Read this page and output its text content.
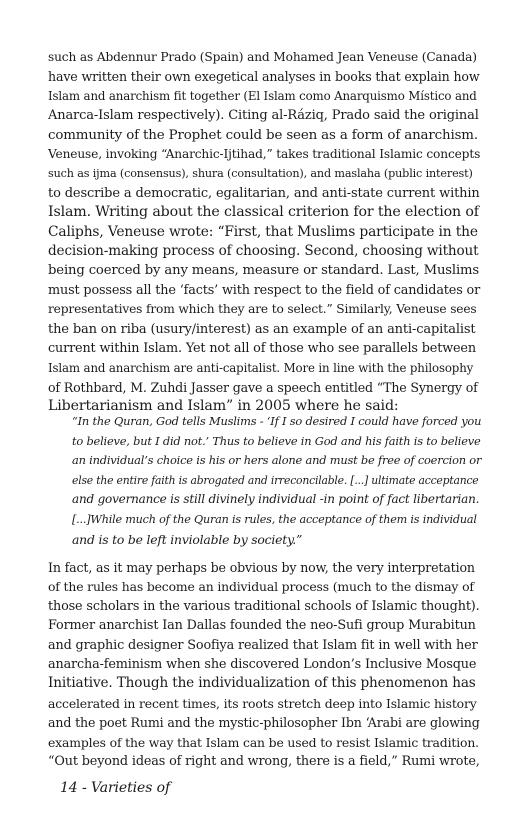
such as Abdennur Prado (Spain) and Mohamed Jean Veneuse (Canada)
have written their own exegetical analyses in books that explain how
Islam and anarchism fit together (El Islam como Anarquismo Místico and
Anarca-Islam respectively). Citing al-Ráziq, Prado said the original
community of the Prophet could be seen as a form of anarchism.
Veneuse, invoking “Anarchic-Ijtihad,” takes traditional Islamic concepts
such as ijma (consensus), shura (consultation), and maslaha (public interest)
to describe a democratic, egalitarian, and anti-state current within
Islam. Writing about the classical criterion for the election of
Caliphs, Veneuse wrote: “First, that Muslims participate in the
decision-making process of choosing. Second, choosing without
being coerced by any means, measure or standard. Last, Muslims
must possess all the ‘facts’ with respect to the field of candidates or
representatives from which they are to select.” Similarly, Veneuse sees
the ban on riba (usury/interest) as an example of an anti-capitalist
current within Islam. Yet not all of those who see parallels between
Islam and anarchism are anti-capitalist. More in line with the philosophy
of Rothbard, M. Zuhdi Jasser gave a speech entitled “The Synergy of
Libertarianism and Islam” in 2005 where he said:
“In the Quran, God tells Muslims - ‘If I so desired I could have forced you
to believe, but I did not.’ Thus to believe in God and his faith is to believe
an individual’s choice is his or hers alone and must be free of coercion or
else the entire faith is abrogated and irreconcilable. [...] ultimate acceptance
and governance is still divinely individual -in point of fact libertarian.
[...]While much of the Quran is rules, the acceptance of them is individual
and is to be left inviolable by society.”
In fact, as it may perhaps be obvious by now, the very interpretation
of the rules has become an individual process (much to the dismay of
those scholars in the various traditional schools of Islamic thought).
Former anarchist Ian Dallas founded the neo-Sufi group Murabitun
and graphic designer Soofiya realized that Islam fit in well with her
anarcha-feminism when she discovered London’s Inclusive Mosque
Initiative. Though the individualization of this phenomenon has
accelerated in recent times, its roots stretch deep into Islamic history
and the poet Rumi and the mystic-philosopher Ibn ‘Arabi are glowing
examples of the way that Islam can be used to resist Islamic tradition.
“Out beyond ideas of right and wrong, there is a field,” Rumi wrote,
14 - Varieties of
